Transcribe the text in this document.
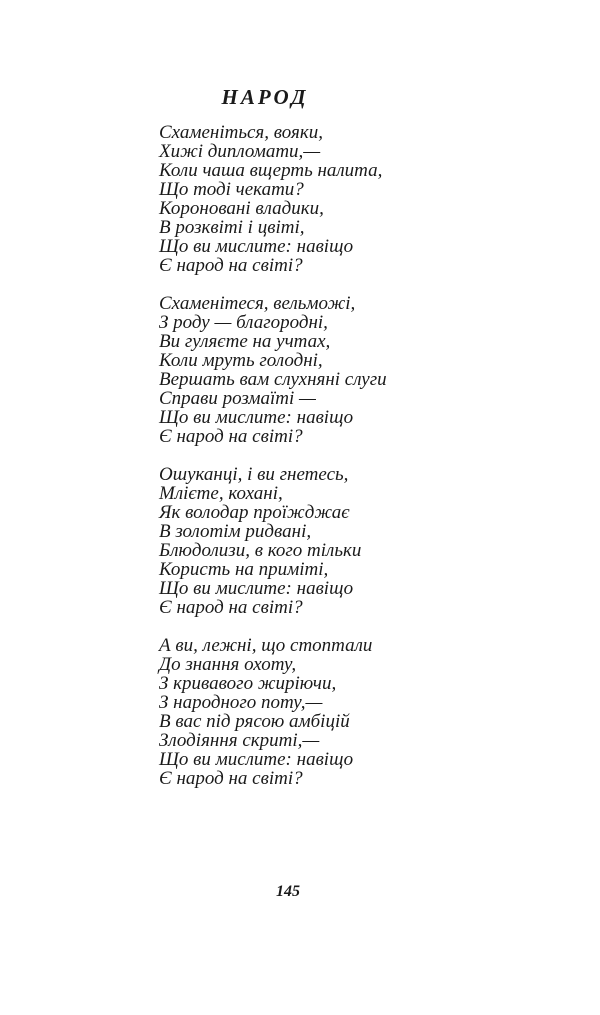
НАРОД
Схаменіться, вояки,
Хижі дипломати,—
Коли чаша вщерть налита,
Що тоді чекати?
Короновані владики,
В розквіті і цвіті,
Що ви мислите: навіщо
Є народ на світі?
Схаменітеся, вельможі,
З роду — благородні,
Ви гуляєте на учтах,
Коли мруть голодні,
Вершать вам слухняні слуги
Справи розмаїті —
Що ви мислите: навіщо
Є народ на світі?
Ошуканці, і ви гнетесь,
Млієте, кохані,
Як володар проїжджає
В золотім ридвані,
Блюдолизи, в кого тільки
Користь на приміті,
Що ви мислите: навіщо
Є народ на світі?
А ви, лежні, що стоптали
До знання охоту,
З кривавого жиріючи,
З народного поту,—
В вас під рясою амбіцій
Злодіяння скриті,—
Що ви мислите: навіщо
Є народ на світі?
145
